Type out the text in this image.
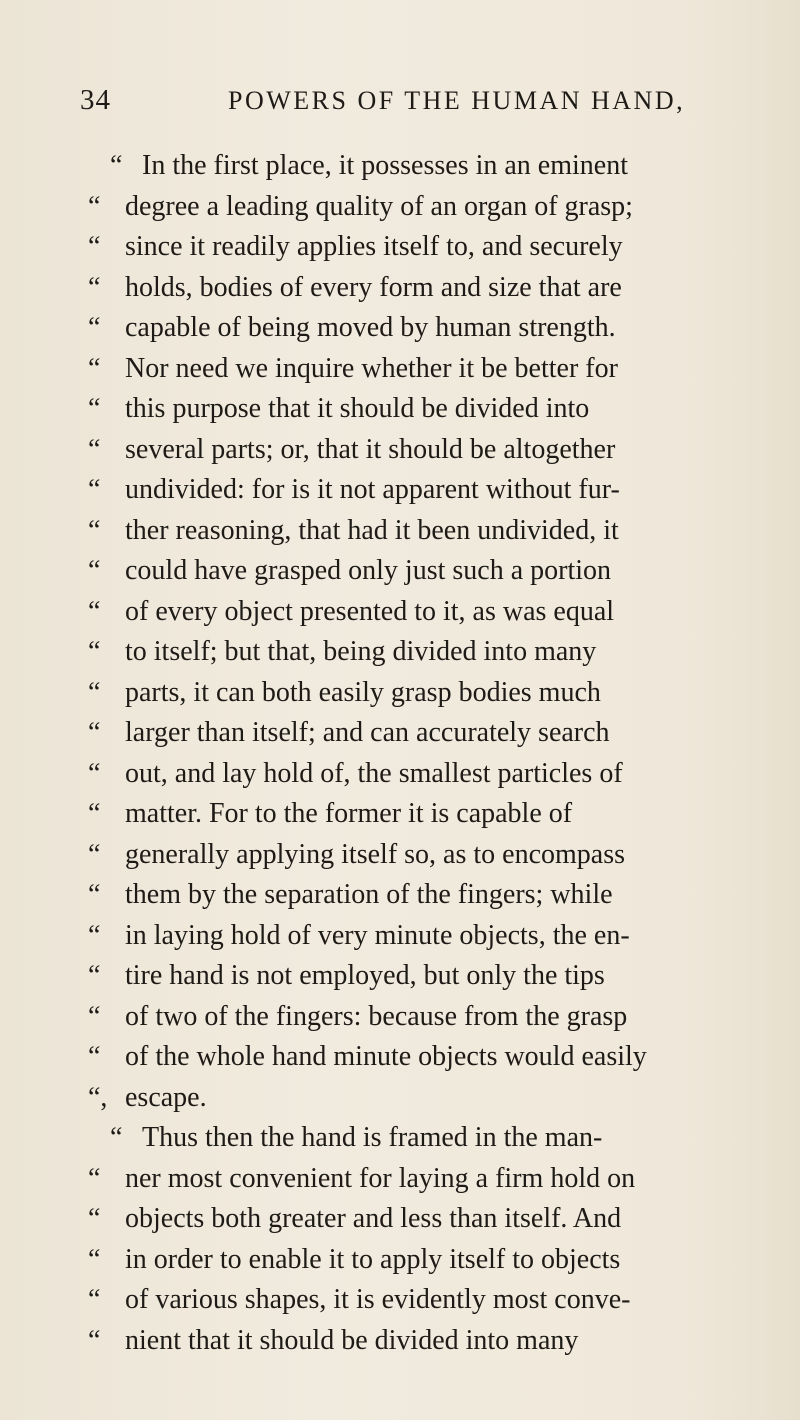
34	POWERS OF THE HUMAN HAND,
“ In the first place, it possesses in an eminent
“ degree a leading quality of an organ of grasp;
“ since it readily applies itself to, and securely
“ holds, bodies of every form and size that are
“ capable of being moved by human strength.
“ Nor need we inquire whether it be better for
“ this purpose that it should be divided into
“ several parts; or, that it should be altogether
“ undivided: for is it not apparent without fur-
“ ther reasoning, that had it been undivided, it
“ could have grasped only just such a portion
“ of every object presented to it, as was equal
“ to itself; but that, being divided into many
“ parts, it can both easily grasp bodies much
“ larger than itself; and can accurately search
“ out, and lay hold of, the smallest particles of
“ matter. For to the former it is capable of
“ generally applying itself so, as to encompass
“ them by the separation of the fingers; while
“ in laying hold of very minute objects, the en-
“ tire hand is not employed, but only the tips
“ of two of the fingers: because from the grasp
“ of the whole hand minute objects would easily
“, escape.
“ Thus then the hand is framed in the man-
“ ner most convenient for laying a firm hold on
“ objects both greater and less than itself. And
“ in order to enable it to apply itself to objects
“ of various shapes, it is evidently most conve-
“ nient that it should be divided into many
